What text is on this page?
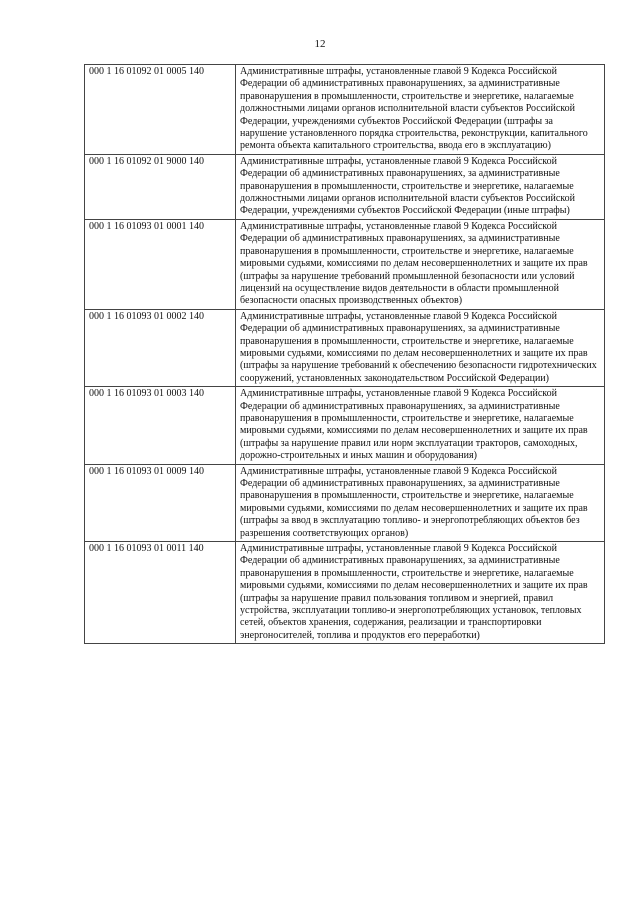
12
000 1 16 01092 01 0005 140	Административные штрафы, установленные главой 9 Кодекса Российской Федерации об административных правонарушениях, за административные правонарушения в промышленности, строительстве и энергетике, налагаемые должностными лицами органов исполнительной власти субъектов Российской Федерации, учреждениями субъектов Российской Федерации (штрафы за нарушение установленного порядка строительства, реконструкции, капитального ремонта объекта капитального строительства, ввода его в эксплуатацию)
000 1 16 01092 01 9000 140	Административные штрафы, установленные главой 9 Кодекса Российской Федерации об административных правонарушениях, за административные правонарушения в промышленности, строительстве и энергетике, налагаемые должностными лицами органов исполнительной власти субъектов Российской Федерации, учреждениями субъектов Российской Федерации (иные штрафы)
000 1 16 01093 01 0001 140	Административные штрафы, установленные главой 9 Кодекса Российской Федерации об административных правонарушениях, за административные правонарушения в промышленности, строительстве и энергетике, налагаемые мировыми судьями, комиссиями по делам несовершеннолетних и защите их прав (штрафы за нарушение требований промышленной безопасности или условий лицензий на осуществление видов деятельности в области промышленной безопасности опасных производственных объектов)
000 1 16 01093 01 0002 140	Административные штрафы, установленные главой 9 Кодекса Российской Федерации об административных правонарушениях, за административные правонарушения в промышленности, строительстве и энергетике, налагаемые мировыми судьями, комиссиями по делам несовершеннолетних и защите их прав (штрафы за нарушение требований к обеспечению безопасности гидротехнических сооружений, установленных законодательством Российской Федерации)
000 1 16 01093 01 0003 140	Административные штрафы, установленные главой 9 Кодекса Российской Федерации об административных правонарушениях, за административные правонарушения в промышленности, строительстве и энергетике, налагаемые мировыми судьями, комиссиями по делам несовершеннолетних и защите их прав (штрафы за нарушение правил или норм эксплуатации тракторов, самоходных, дорожно-строительных и иных машин и оборудования)
000 1 16 01093 01 0009 140	Административные штрафы, установленные главой 9 Кодекса Российской Федерации об административных правонарушениях, за административные правонарушения в промышленности, строительстве и энергетике, налагаемые мировыми судьями, комиссиями по делам несовершеннолетних и защите их прав (штрафы за ввод в эксплуатацию топливо- и энергопотребляющих объектов без разрешения соответствующих органов)
000 1 16 01093 01 0011 140	Административные штрафы, установленные главой 9 Кодекса Российской Федерации об административных правонарушениях, за административные правонарушения в промышленности, строительстве и энергетике, налагаемые мировыми судьями, комиссиями по делам несовершеннолетних и защите их прав (штрафы за нарушение правил пользования топливом и энергией, правил устройства, эксплуатации топливо-и энергопотребляющих установок, тепловых сетей, объектов хранения, содержания, реализации и транспортировки энергоносителей, топлива и продуктов его переработки)
